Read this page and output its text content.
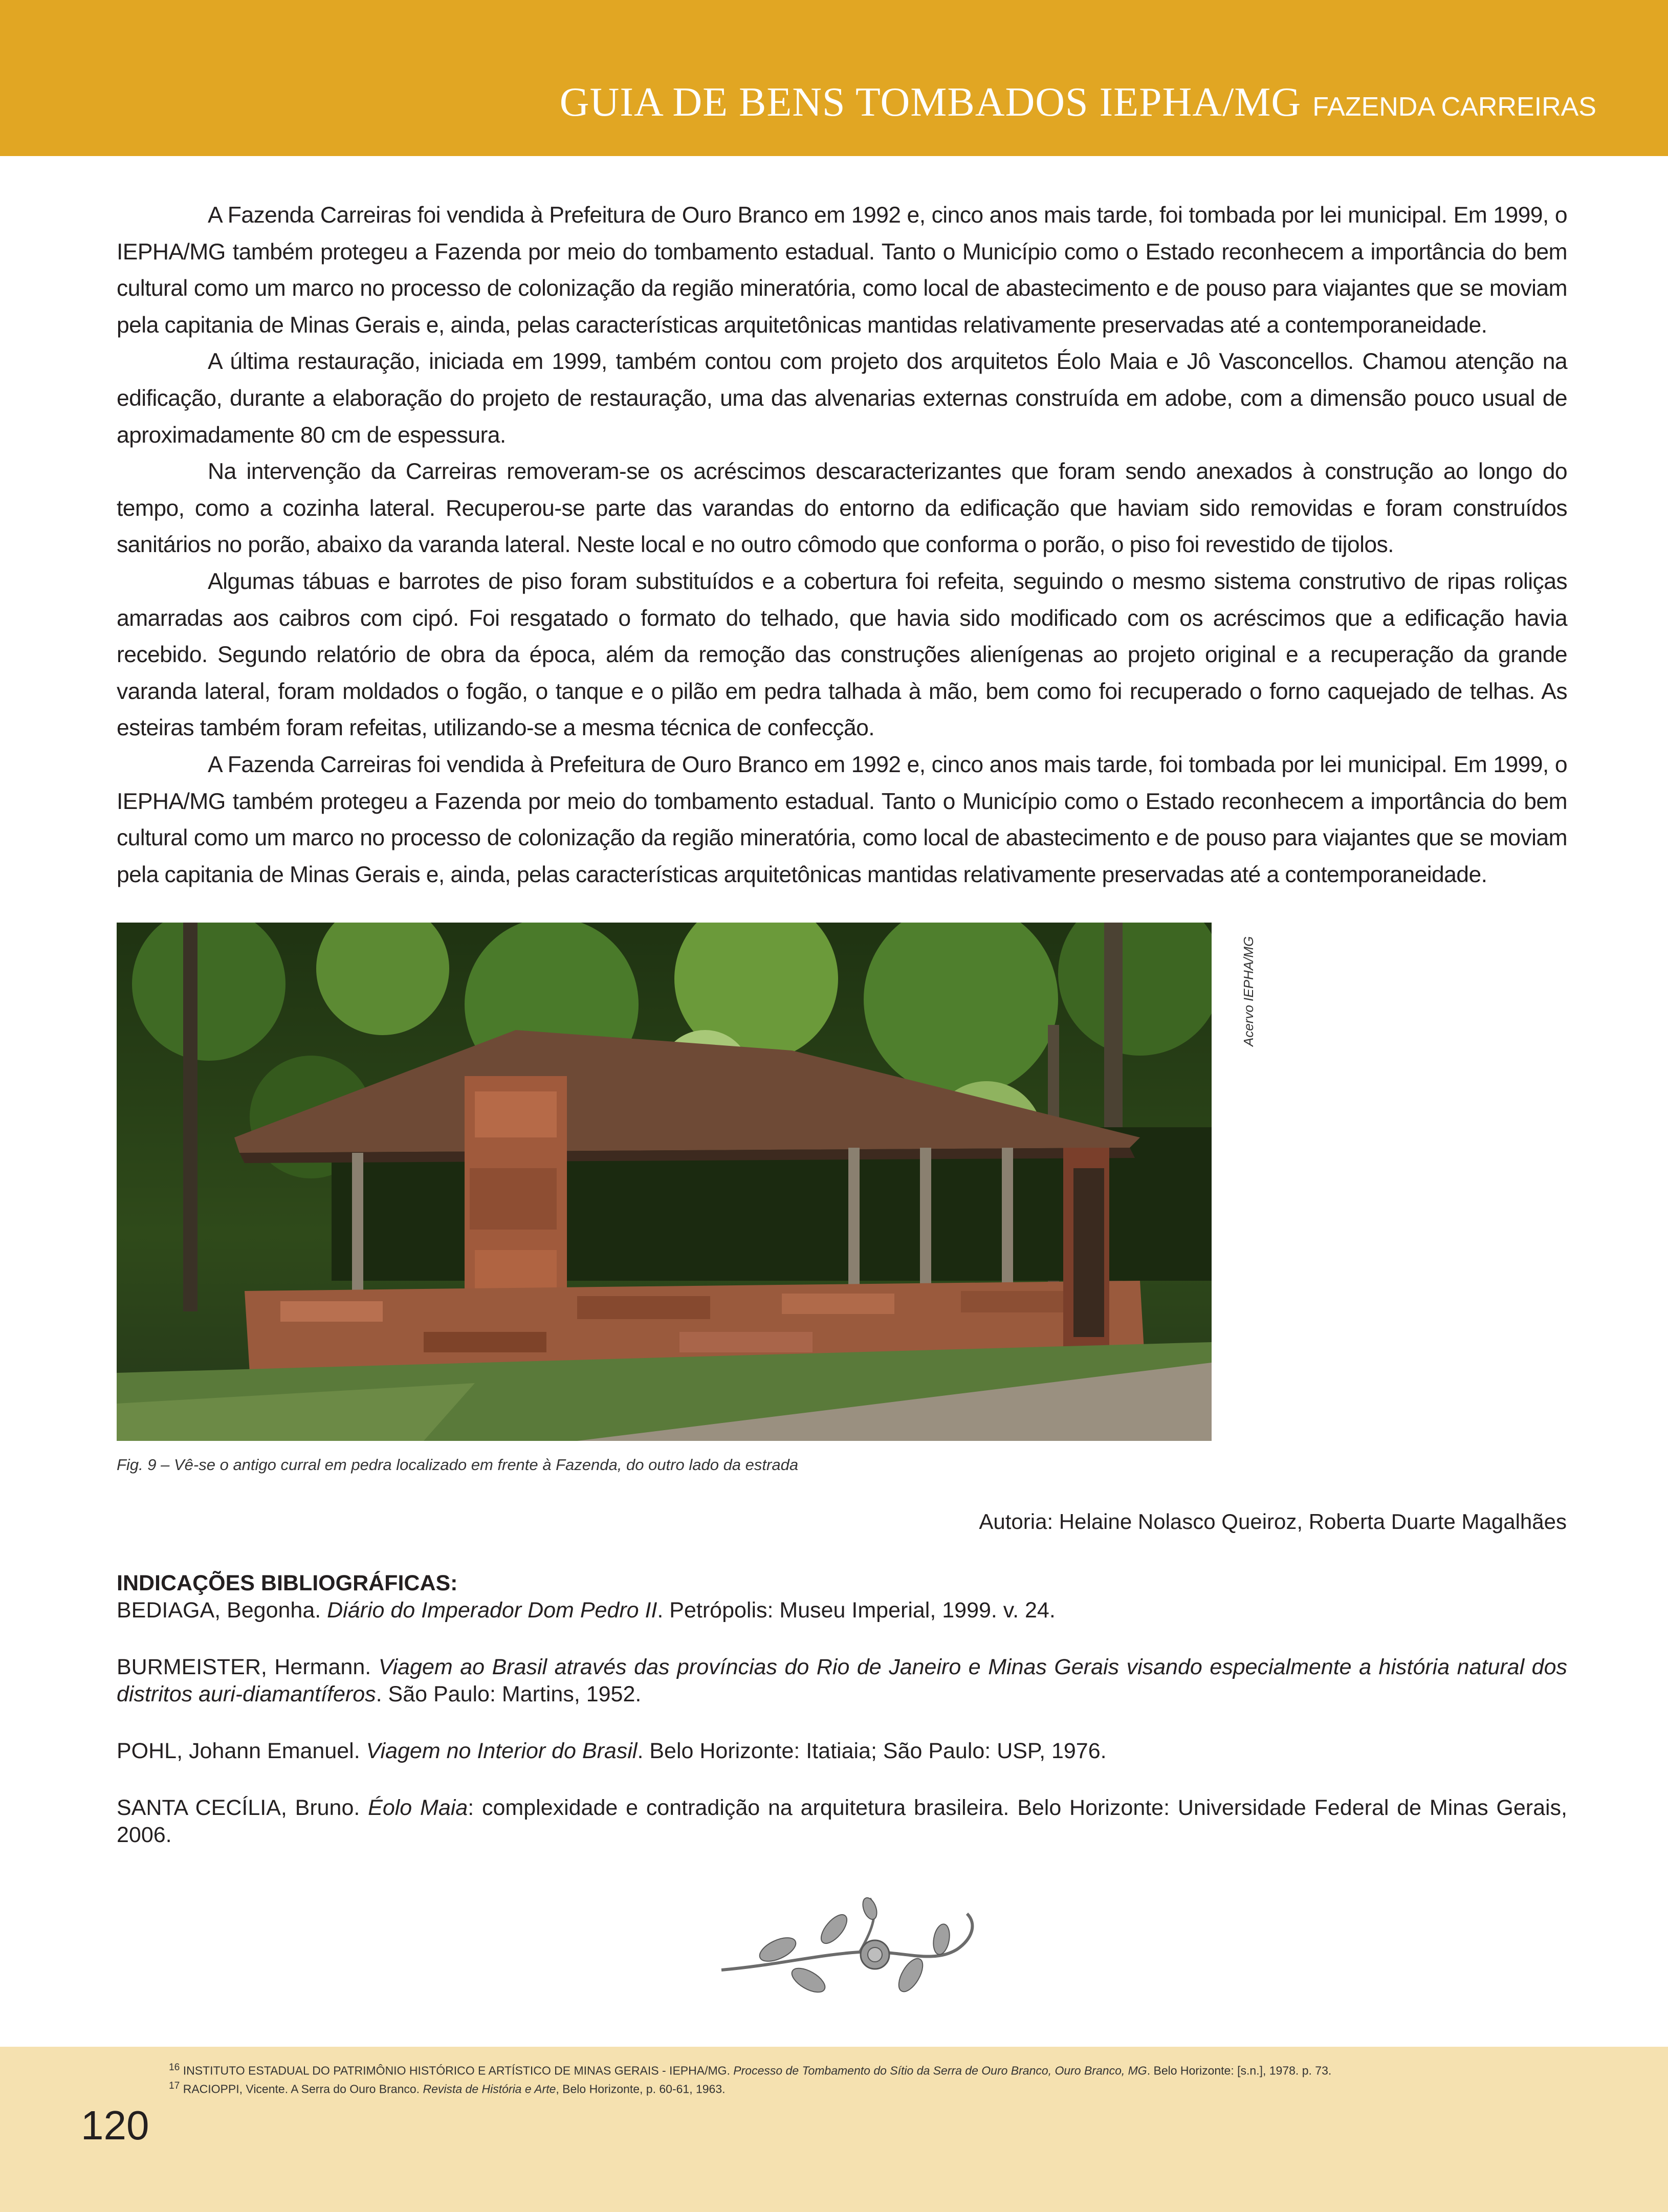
GUIA DE BENS TOMBADOS IEPHA/MG FAZENDA CARREIRAS

A Fazenda Carreiras foi vendida à Prefeitura de Ouro Branco em 1992 e, cinco anos mais tarde, foi tombada por lei municipal. Em 1999, o IEPHA/MG também protegeu a Fazenda por meio do tombamento estadual. Tanto o Município como o Estado reconhecem a importância do bem cultural como um marco no processo de colonização da região mineratória, como local de abastecimento e de pouso para viajantes que se moviam pela capitania de Minas Gerais e, ainda, pelas características arquitetônicas mantidas relativamente preservadas até a contemporaneidade.

A última restauração, iniciada em 1999, também contou com projeto dos arquitetos Éolo Maia e Jô Vasconcellos. Chamou atenção na edificação, durante a elaboração do projeto de restauração, uma das alvenarias externas construída em adobe, com a dimensão pouco usual de aproximadamente 80 cm de espessura.

Na intervenção da Carreiras removeram-se os acréscimos descaracterizantes que foram sendo anexados à construção ao longo do tempo, como a cozinha lateral. Recuperou-se parte das varandas do entorno da edificação que haviam sido removidas e foram construídos sanitários no porão, abaixo da varanda lateral. Neste local e no outro cômodo que conforma o porão, o piso foi revestido de tijolos.

Algumas tábuas e barrotes de piso foram substituídos e a cobertura foi refeita, seguindo o mesmo sistema construtivo de ripas roliças amarradas aos caibros com cipó. Foi resgatado o formato do telhado, que havia sido modificado com os acréscimos que a edificação havia recebido. Segundo relatório de obra da época, além da remoção das construções alienígenas ao projeto original e a recuperação da grande varanda lateral, foram moldados o fogão, o tanque e o pilão em pedra talhada à mão, bem como foi recuperado o forno caquejado de telhas. As esteiras também foram refeitas, utilizando-se a mesma técnica de confecção.

A Fazenda Carreiras foi vendida à Prefeitura de Ouro Branco em 1992 e, cinco anos mais tarde, foi tombada por lei municipal. Em 1999, o IEPHA/MG também protegeu a Fazenda por meio do tombamento estadual. Tanto o Município como o Estado reconhecem a importância do bem cultural como um marco no processo de colonização da região mineratória, como local de abastecimento e de pouso para viajantes que se moviam pela capitania de Minas Gerais e, ainda, pelas características arquitetônicas mantidas relativamente preservadas até a contemporaneidade.

Acervo IEPHA/MG
Fig. 9 – Vê-se o antigo curral em pedra localizado em frente à Fazenda, do outro lado da estrada
Autoria: Helaine Nolasco Queiroz, Roberta Duarte Magalhães

INDICAÇÕES BIBLIOGRÁFICAS:

BEDIAGA, Begonha. Diário do Imperador Dom Pedro II. Petrópolis: Museu Imperial, 1999. v. 24.

BURMEISTER, Hermann. Viagem ao Brasil através das províncias do Rio de Janeiro e Minas Gerais visando especialmente a história natural dos distritos auri-diamantíferos. São Paulo: Martins, 1952.

POHL, Johann Emanuel. Viagem no Interior do Brasil. Belo Horizonte: Itatiaia; São Paulo: USP, 1976.

SANTA CECÍLIA, Bruno. Éolo Maia: complexidade e contradição na arquitetura brasileira. Belo Horizonte: Universidade Federal de Minas Gerais, 2006.

$^{16}$ INSTITUTO ESTADUAL DO PATRIMÔNIO HISTÓRICO E ARTÍSTICO DE MINAS GERAIS - IEPHA/MG. Processo de Tombamento do Sítio da Serra de Ouro Branco, Ouro Branco, MG. Belo Horizonte: [s.n.], 1978. p. 73.
$^{17}$ RACIOPPI, Vicente. A Serra do Ouro Branco. Revista de História e Arte, Belo Horizonte, p. 60-61, 1963.
120
